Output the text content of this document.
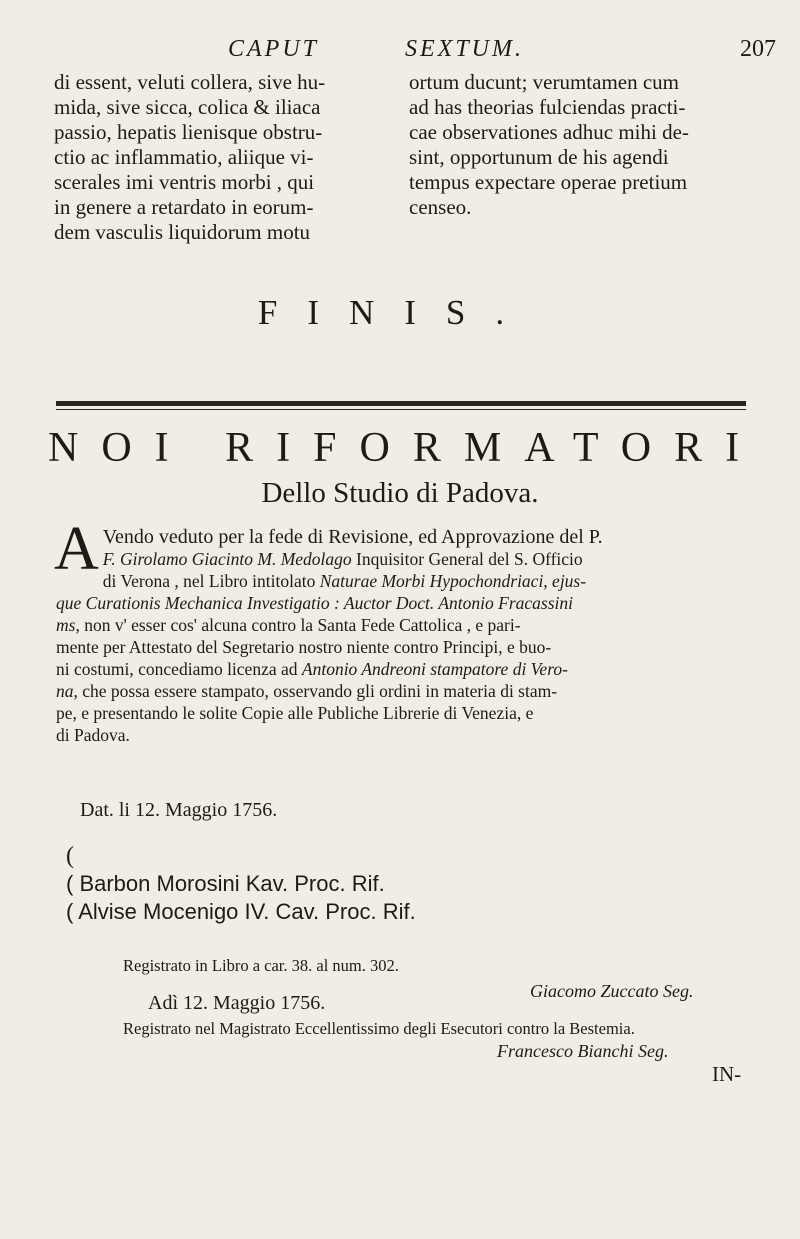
CAPUT	SEXTUM.	207
di essent, veluti collera, sive hu-
mida, sive sicca, colica & iliaca
passio, hepatis lienisque obstru-
ctio ac inflammatio, aliique vi-
scerales imi ventris morbi , qui
in genere a retardato in eorum-
dem vasculis liquidorum motu
ortum ducunt; verumtamen cum
ad has theorias fulciendas practi-
cae observationes adhuc mihi de-
sint, opportunum de his agendi
tempus expectare operae pretium
censeo.
FINIS.
NOI RIFORMATORI
Dello Studio di Padova.
A Vendo veduto per la fede di Revisione, ed Approvazione del P.
F. Girolamo Giacinto M. Medolago Inquisitor General del S. Officio
di Verona , nel Libro intitolato Naturae Morbi Hypochondriaci, ejus-
que Curationis Mechanica Investigatio : Auctor Doct. Antonio Fracassini
ms, non v' esser cos' alcuna contro la Santa Fede Cattolica , e pari-
mente per Attestato del Segretario nostro niente contro Principi, e buo-
ni costumi, concediamo licenza ad Antonio Andreoni stampatore di Vero-
na, che possa essere stampato, osservando gli ordini in materia di stam-
pe, e presentando le solite Copie alle Publiche Librerie di Venezia, e
di Padova.
Dat. li 12. Maggio 1756.
(
( Barbon Morosini Kav. Proc. Rif.
( Alvise Mocenigo IV. Cav. Proc. Rif.
Registrato in Libro a car. 38. al num. 302.
Giacomo Zuccato Seg.
Adì 12. Maggio 1756.
Registrato nel Magistrato Eccellentissimo degli Esecutori contro la Bestemia.
Francesco Bianchi Seg.
IN-
